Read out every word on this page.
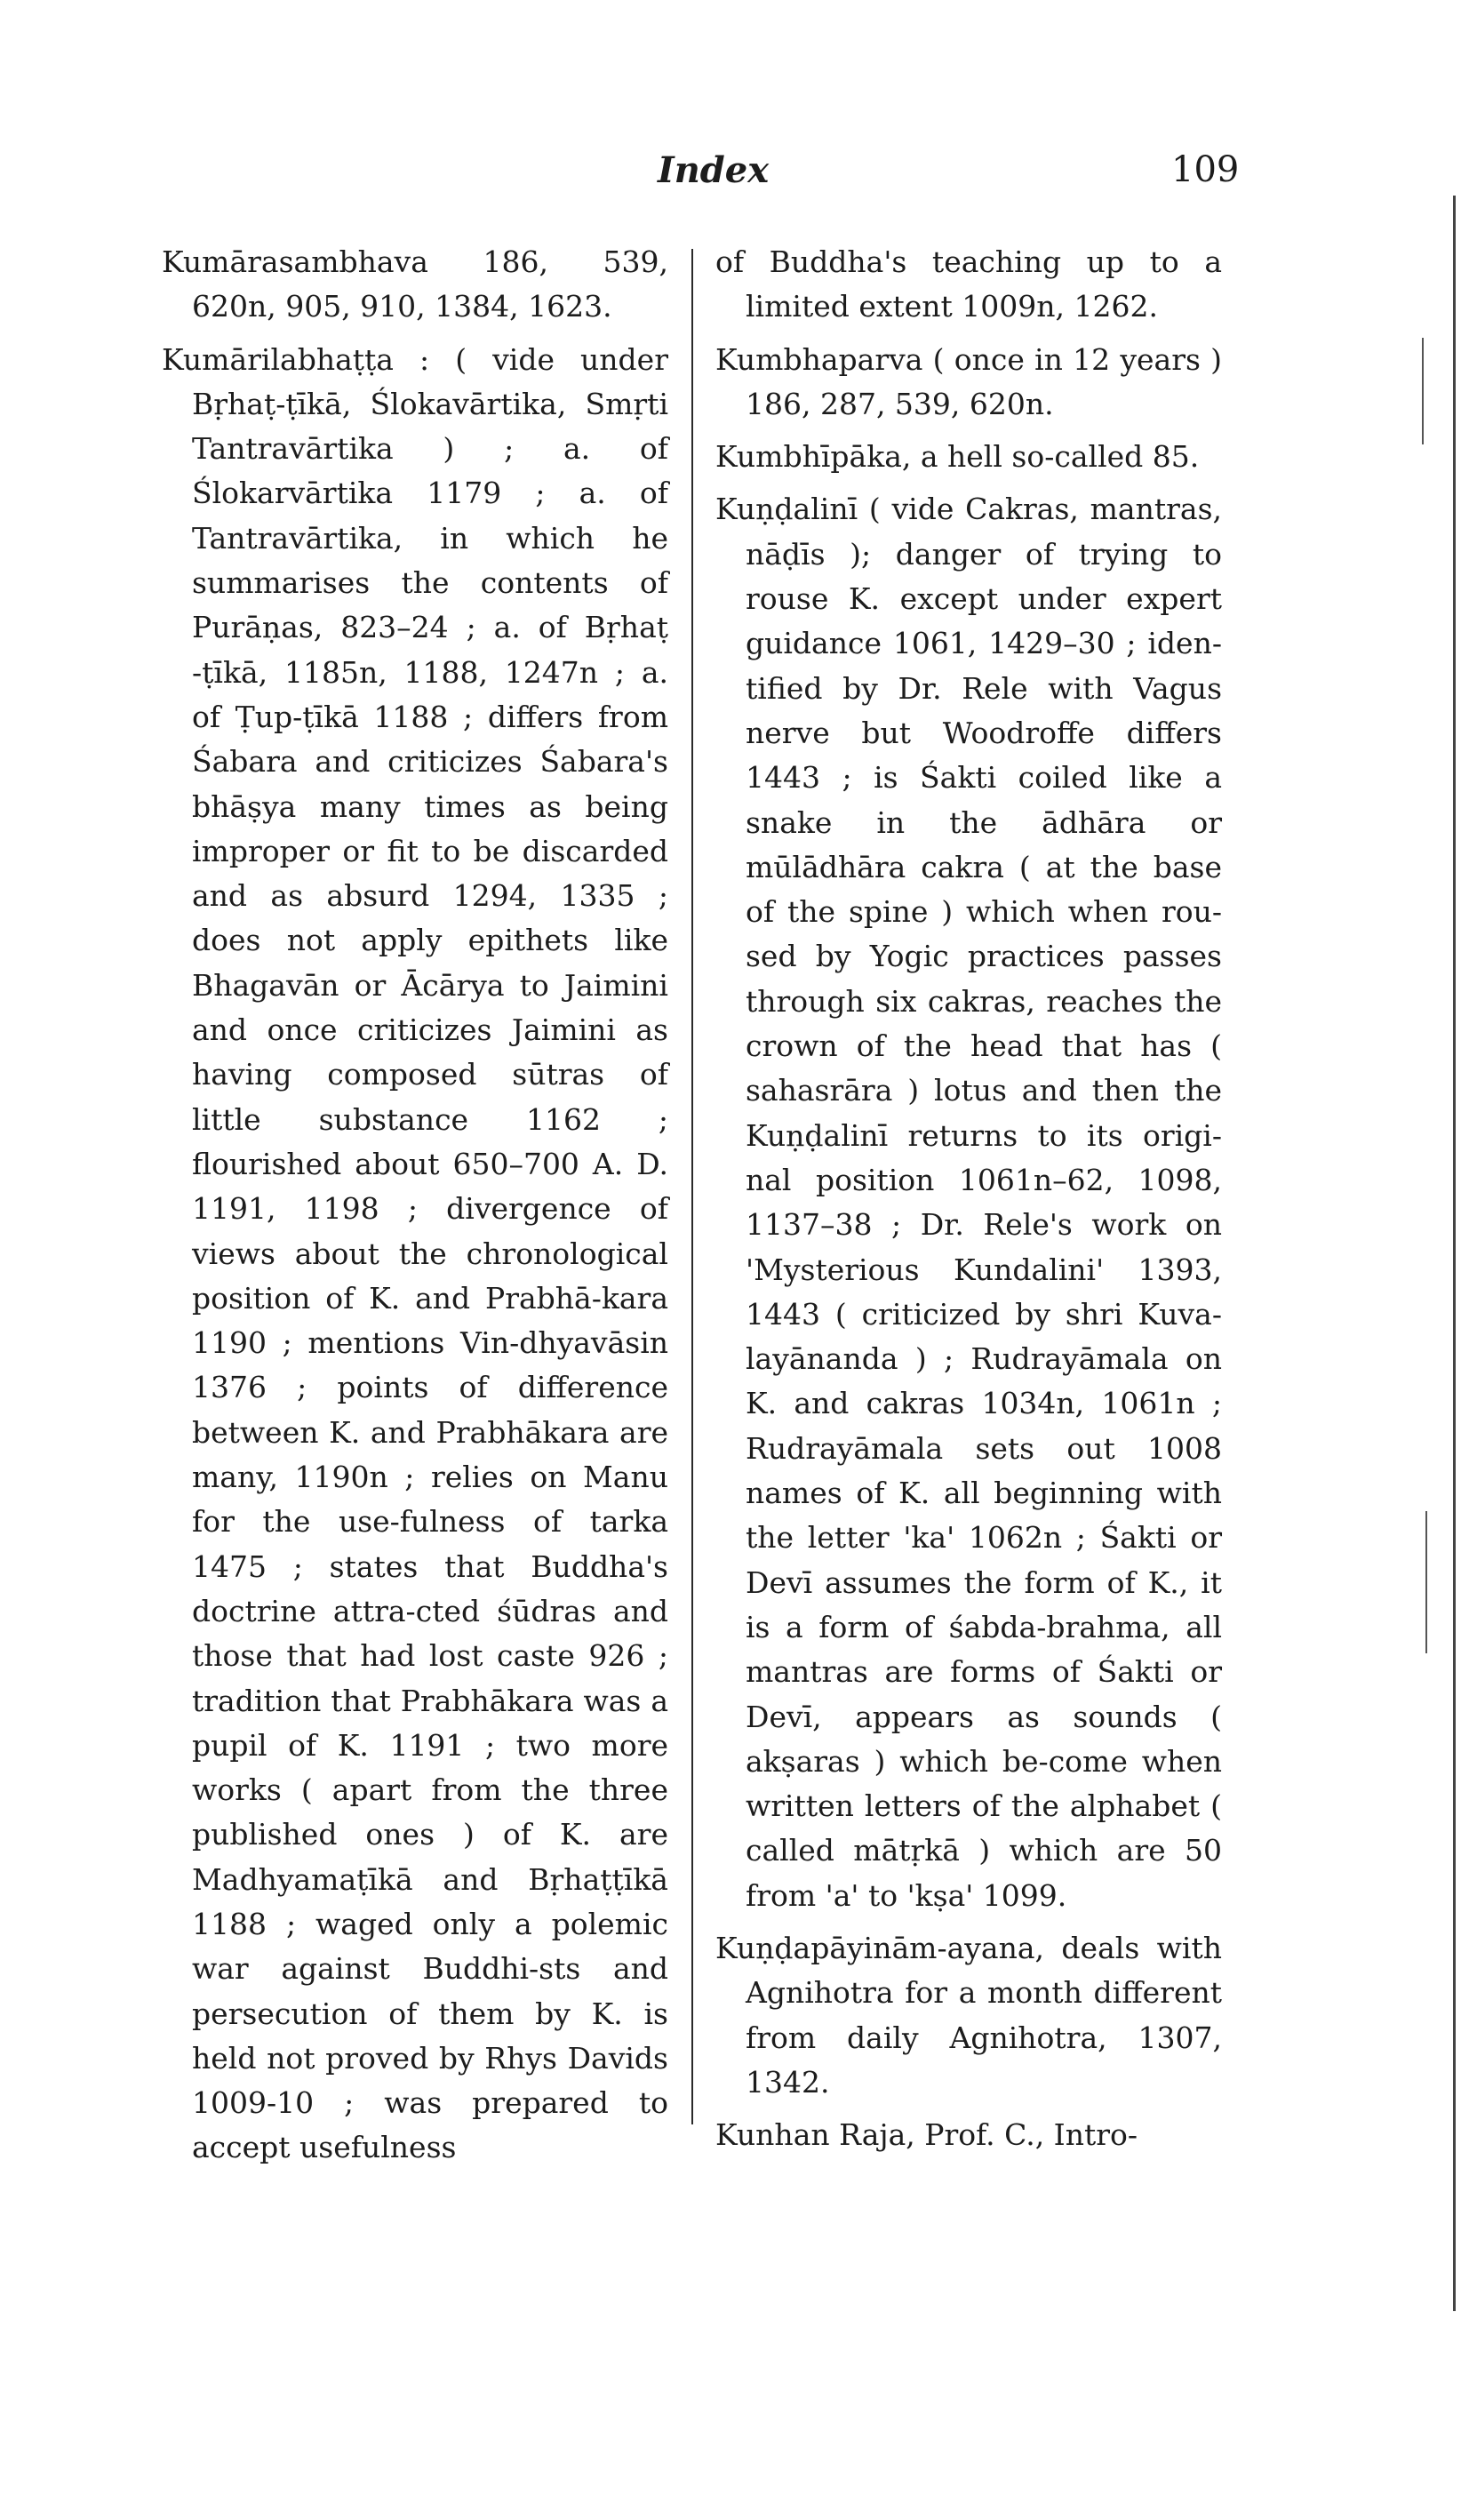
Index	109

Kumārasambhava 186, 539, 620n, 905, 910, 1384, 1623.

Kumārilabhaṭṭa : ( vide under Bṛhaṭ-ṭīkā, Ślokavārtika, Smṛti Tantravārtika ) ; a. of Ślokarvārtika 1179 ; a. of Tantravārtika, in which he summarises the contents of Purāṇas, 823–24 ; a. of Bṛhaṭ -ṭīkā, 1185n, 1188, 1247n ; a. of Ṭup-ṭīkā 1188 ; differs from Śabara and criticizes Śabara's bhāṣya many times as being improper or fit to be discarded and as absurd 1294, 1335 ; does not apply epithets like Bhagavān or Ācārya to Jaimini and once criticizes Jaimini as having composed sūtras of little substance 1162 ; flourished about 650–700 A. D. 1191, 1198 ; divergence of views about the chronological position of K. and Prabhā-kara 1190 ; mentions Vin-dhyavāsin 1376 ; points of difference between K. and Prabhākara are many, 1190n ; relies on Manu for the use-fulness of tarka 1475 ; states that Buddha's doctrine attra-cted śūdras and those that had lost caste 926 ; tradition that Prabhākara was a pupil of K. 1191 ; two more works ( apart from the three published ones ) of K. are Madhyamaṭīkā and Bṛhaṭṭīkā 1188 ; waged only a polemic war against Buddhi-sts and persecution of them by K. is held not proved by Rhys Davids 1009-10 ; was prepared to accept usefulness

of Buddha's teaching up to a limited extent 1009n, 1262.

Kumbhaparva ( once in 12 years ) 186, 287, 539, 620n.

Kumbhīpāka, a hell so-called 85.

Kuṇḍalinī ( vide Cakras, mantras, nāḍīs ); danger of trying to rouse K. except under expert guidance 1061, 1429–30 ; iden-tified by Dr. Rele with Vagus nerve but Woodroffe differs 1443 ; is Śakti coiled like a snake in the ādhāra or mūlādhāra cakra ( at the base of the spine ) which when rou-sed by Yogic practices passes through six cakras, reaches the crown of the head that has ( sahasrāra ) lotus and then the Kuṇḍalinī returns to its origi-nal position 1061n–62, 1098, 1137–38 ; Dr. Rele's work on 'Mysterious Kundalini' 1393, 1443 ( criticized by shri Kuva-layānanda ) ; Rudrayāmala on K. and cakras 1034n, 1061n ; Rudrayāmala sets out 1008 names of K. all beginning with the letter 'ka' 1062n ; Śakti or Devī assumes the form of K., it is a form of śabda-brahma, all mantras are forms of Śakti or Devī, appears as sounds ( akṣaras ) which be-come when written letters of the alphabet ( called mātṛkā ) which are 50 from 'a' to 'kṣa' 1099.

Kuṇḍapāyinām-ayana, deals with Agnihotra for a month different from daily Agnihotra, 1307, 1342.

Kunhan Raja, Prof. C., Intro-
